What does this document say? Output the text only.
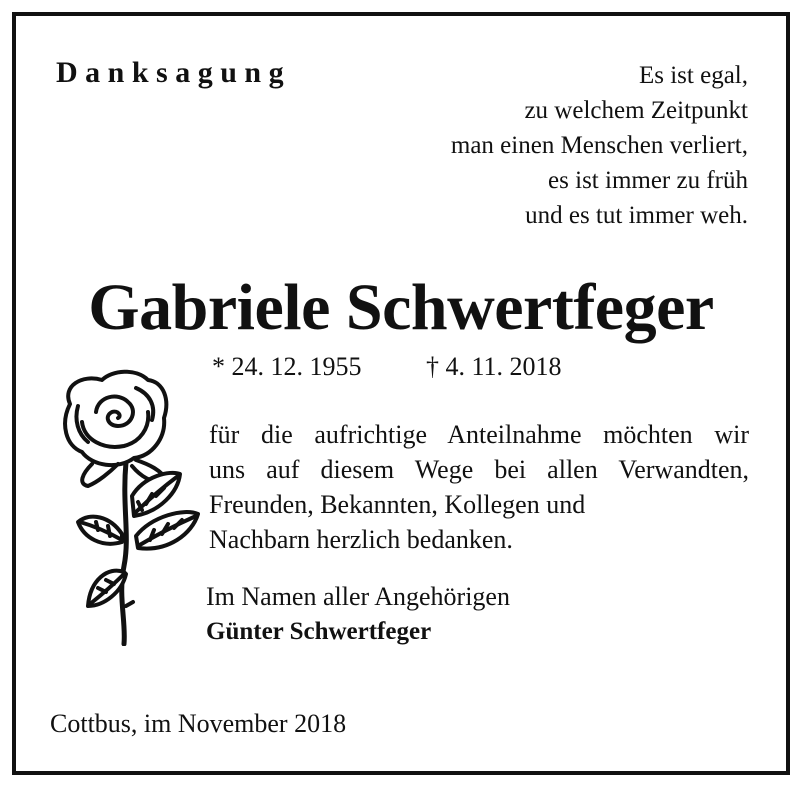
Danksagung	Es ist egal,
zu welchem Zeitpunkt
man einen Menschen verliert,
es ist immer zu früh
und es tut immer weh.
Gabriele Schwertfeger
* 24. 12. 1955 † 4. 11. 2018
für die aufrichtige Anteilnahme möchten wir
uns auf diesem Wege bei allen Verwandten,
Freunden, Bekannten, Kollegen und
Nachbarn herzlich bedanken.
Im Namen aller Angehörigen
Günter Schwertfeger
Cottbus, im November 2018
